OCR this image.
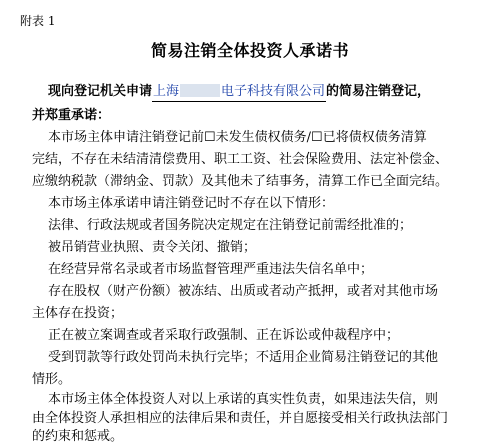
附表 1
简易注销全体投资人承诺书
现向登记机关申请上海	电子科技有限公司的简易注销登记，
并郑重承诺：
本市场主体申请注销登记前☐未发生债权债务/☐已将债权债务清算
完结，不存在未结清清偿费用、职工工资、社会保险费用、法定补偿金、
应缴纳税款（滞纳金、罚款）及其他未了结事务，清算工作已全面完结。
本市场主体承诺申请注销登记时不存在以下情形：
法律、行政法规或者国务院决定规定在注销登记前需经批准的；
被吊销营业执照、责令关闭、撤销；
在经营异常名录或者市场监督管理严重违法失信名单中；
存在股权（财产份额）被冻结、出质或者动产抵押，或者对其他市场
主体存在投资；
正在被立案调查或者采取行政强制、正在诉讼或仲裁程序中；
受到罚款等行政处罚尚未执行完毕；不适用企业简易注销登记的其他
情形。
本市场主体全体投资人对以上承诺的真实性负责，如果违法失信，则
由全体投资人承担相应的法律后果和责任，并自愿接受相关行政执法部门
的约束和惩戒。
